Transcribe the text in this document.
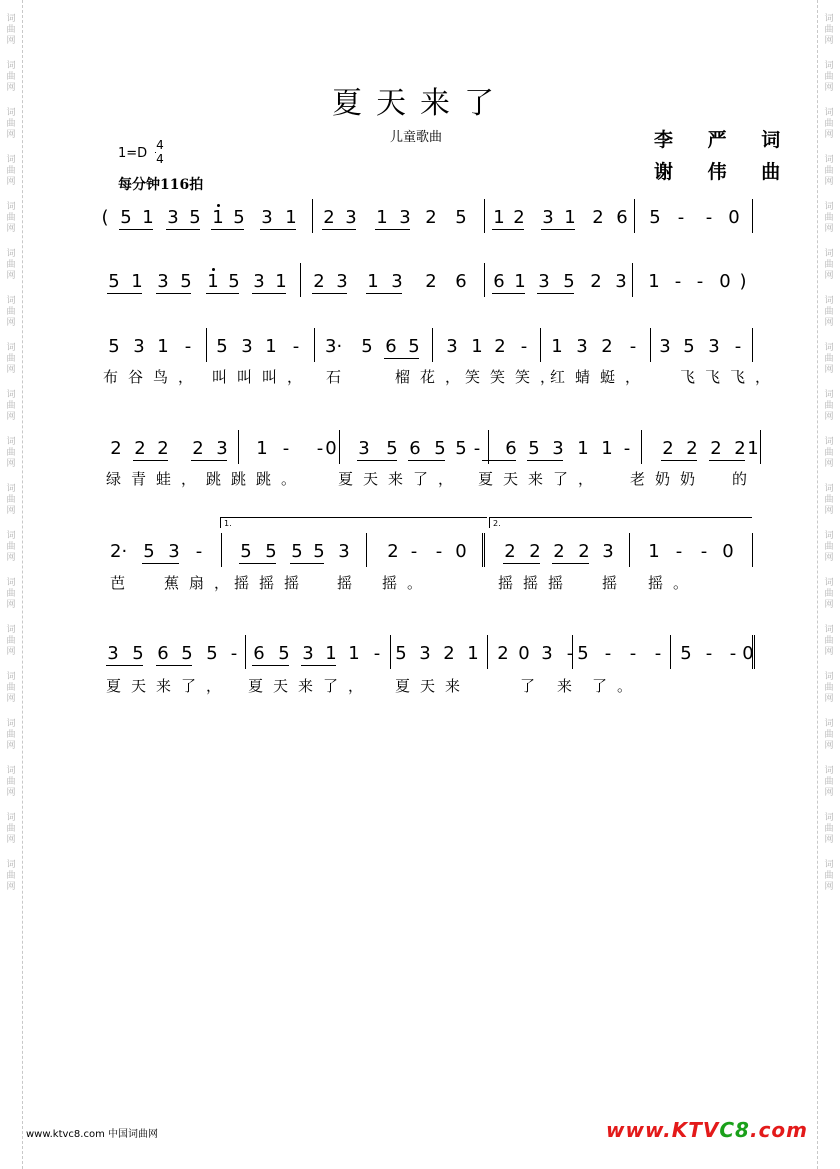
词
曲
网
词
曲
网
词
曲
网
词
曲
网
词
曲
网
词
曲
网
词
曲
网
词
曲
网
词
曲
网
词
曲
网
词
曲
网
词
曲
网
词
曲
网
词
曲
网
词
曲
网
词
曲
网
词
曲
网
词
曲
网
词
曲
网
词
曲
网
词
曲
网
词
曲
网
词
曲
网
词
曲
网
词
曲
网
词
曲
网
词
曲
网
词
曲
网
词
曲
网
词
曲
网
词
曲
网
词
曲
网
词
曲
网
词
曲
网
词
曲
网
词
曲
网
词
曲
网
词
曲
网
夏天来了
儿童歌曲	李 严 词
谢 伟 曲
1=D
4
4
每分钟116拍
( 5 1 3 5 1 5 3 1 2 3 1 3 2 5 1 2 3 1 2 6 5 - - 0
5 1 3 5 1 5 3 1 2 3 1 3 2 6 6 1 3 5 2 3 1 - - 0 )
5 3 1 - 5 3 1 - 3· 5 6 5 3 1 2 - 1 3 2 - 3 5 3 -
布谷鸟， 叫叫叫， 石	榴花，
笑笑笑，
红蜻蜓， 飞飞飞，
2 2 2 2 3 1 - - 0 3 5 6 5 5 - 6 5 3 1 1 - 2 2 2 2 1
绿青蛙，跳跳跳。 夏天来了， 夏天来了， 老奶奶 的
2· 5 3 - 5 5 5 5 3 2 - - 0 2 2 2 2 3 1 - - 0
1.	2.
芭 蕉扇，
摇摇摇 摇 摇。	摇摇摇 摇 摇。
3 5 6 5 5 - 6 5 3 1 1 - 5 3 2 1 2 0 3 - 5 - - - 5 - - 0
夏天来了， 夏天来了， 夏天来	了 来 了。
www.ktvc8.com 中国词曲网	www.KTVC8.com
